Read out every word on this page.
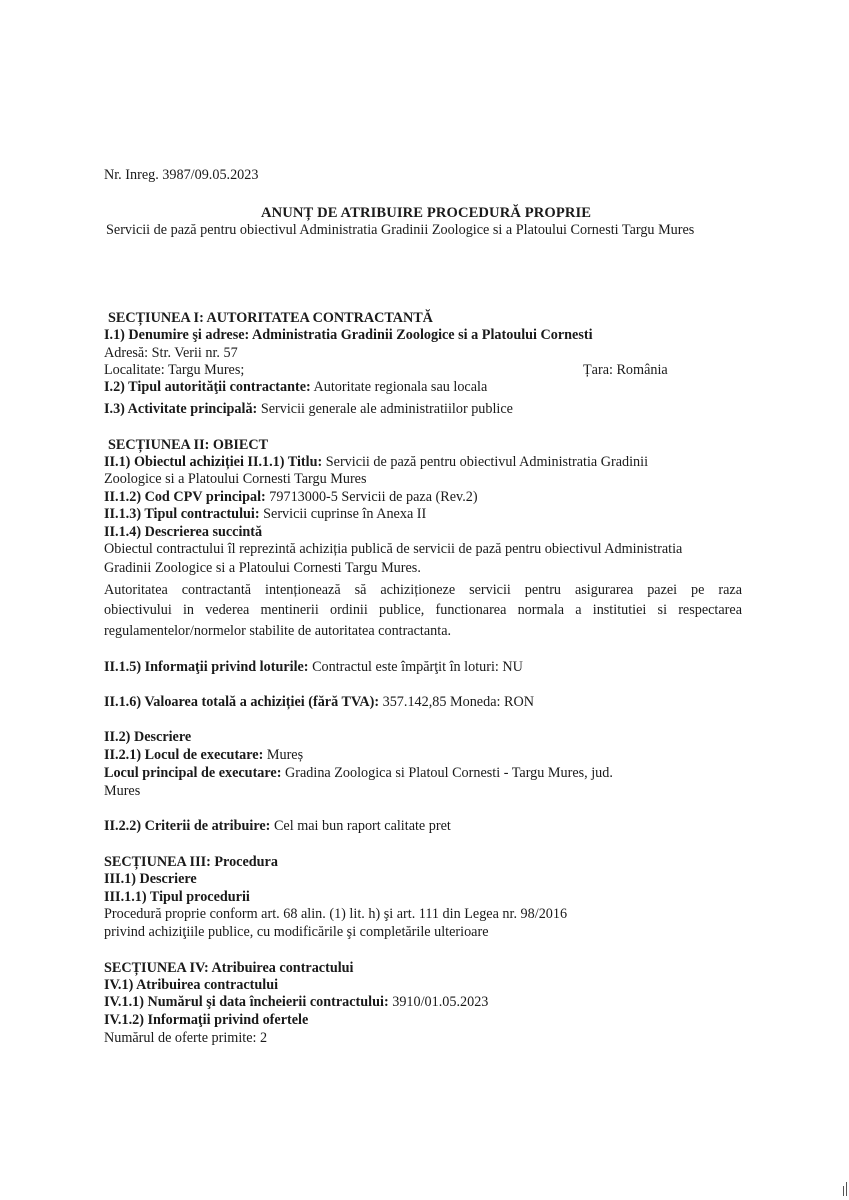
Nr. Inreg. 3987/09.05.2023
ANUNȚ DE ATRIBUIRE PROCEDURĂ PROPRIE
Servicii de pază pentru obiectivul Administratia Gradinii Zoologice si a Platoului Cornesti Targu Mures
SECȚIUNEA I: AUTORITATEA CONTRACTANTĂ
I.1) Denumire şi adrese: Administratia Gradinii Zoologice si a Platoului Cornesti
Adresă: Str. Verii nr. 57
Localitate: Targu Mures;	Țara: România
I.2) Tipul autorităţii contractante: Autoritate regionala sau locala
I.3) Activitate principală: Servicii generale ale administratiilor publice
SECȚIUNEA II: OBIECT
II.1) Obiectul achiziției II.1.1) Titlu: Servicii de pază pentru obiectivul Administratia Gradinii
Zoologice si a Platoului Cornesti Targu Mures
II.1.2) Cod CPV principal: 79713000-5 Servicii de paza (Rev.2)
II.1.3) Tipul contractului: Servicii cuprinse în Anexa II
II.1.4) Descrierea succintă
Obiectul contractului îl reprezintă achiziția publică de servicii de pază pentru obiectivul Administratia
Gradinii Zoologice si a Platoului Cornesti Targu Mures.
Autoritatea contractantă intenționează să achiziționeze servicii pentru asigurarea pazei pe raza
obiectivului in vederea mentinerii ordinii publice, functionarea normala a institutiei si respectarea
regulamentelor/normelor stabilite de autoritatea contractanta.
II.1.5) Informaţii privind loturile: Contractul este împărţit în loturi: NU
II.1.6) Valoarea totală a achiziției (fără TVA): 357.142,85 Moneda: RON
II.2) Descriere
II.2.1) Locul de executare: Mureș
Locul principal de executare: Gradina Zoologica si Platoul Cornesti - Targu Mures, jud.
Mures
II.2.2) Criterii de atribuire: Cel mai bun raport calitate pret
SECȚIUNEA III: Procedura
III.1) Descriere
III.1.1) Tipul procedurii
Procedură proprie conform art. 68 alin. (1) lit. h) şi art. 111 din Legea nr. 98/2016
privind achiziţiile publice, cu modificările şi completările ulterioare
SECȚIUNEA IV: Atribuirea contractului
IV.1) Atribuirea contractului
IV.1.1) Numărul şi data încheierii contractului: 3910/01.05.2023
IV.1.2) Informaţii privind ofertele
Numărul de oferte primite: 2
